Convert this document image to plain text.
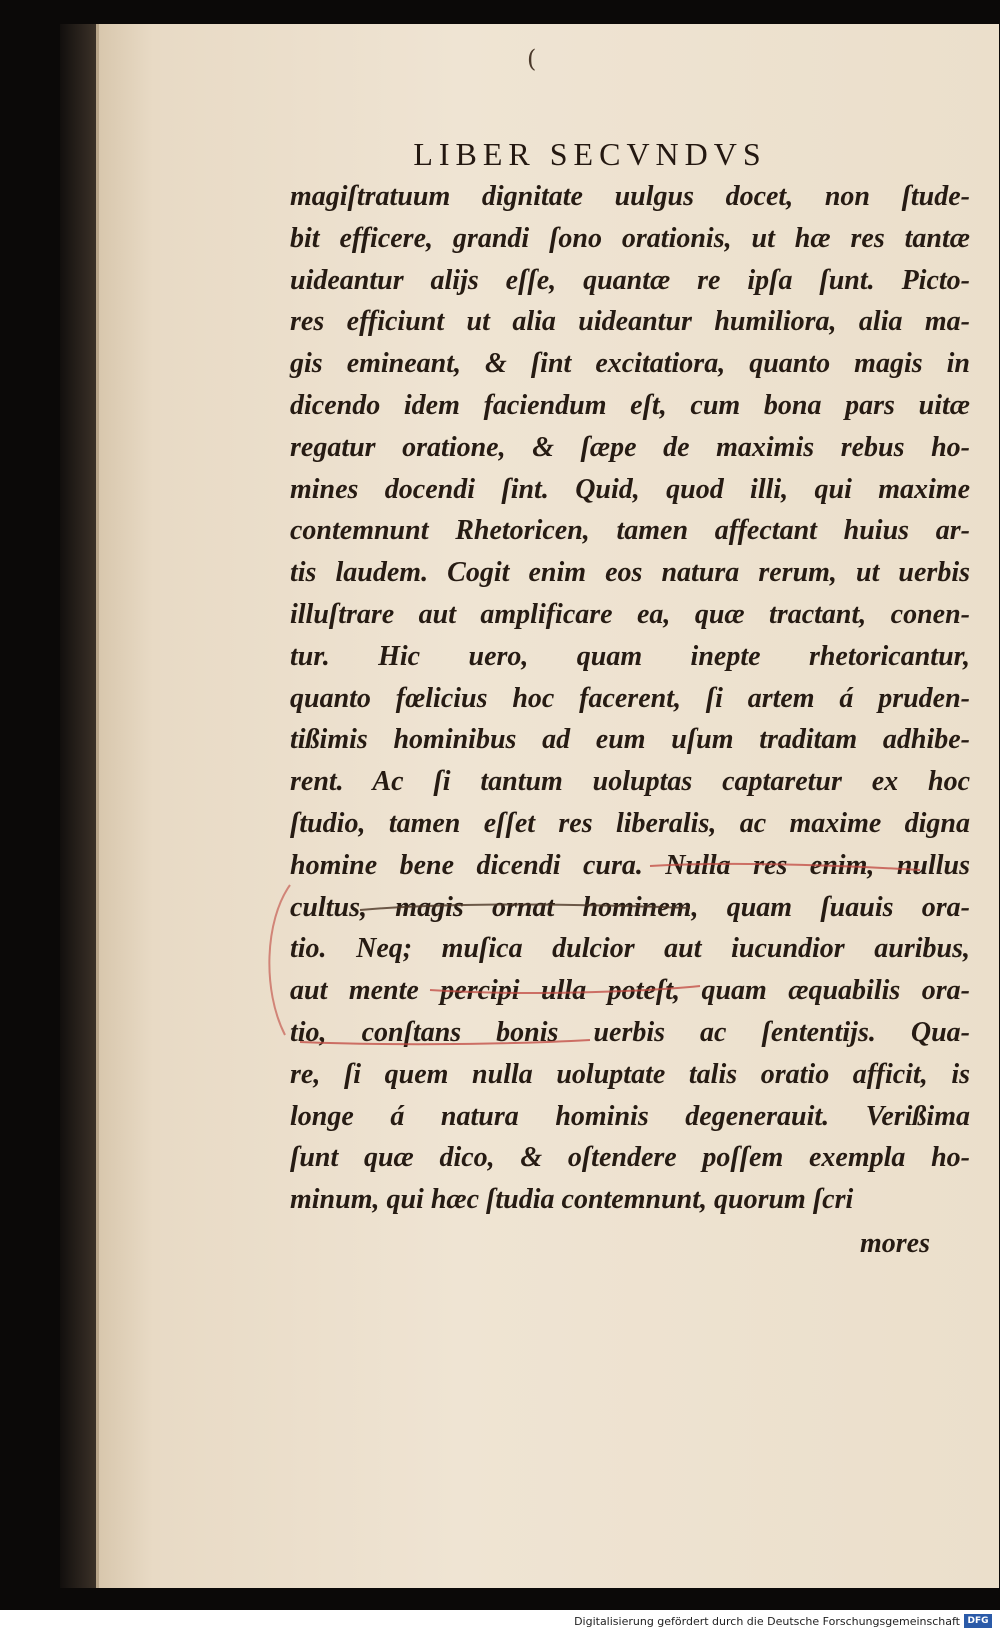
(
LIBER SECVNDVS
magiſtratuum dignitate uulgus docet, non ſtude-
bit efficere, grandi ſono orationis, ut hæ res tantæ
uideantur alijs eſſe, quantæ re ipſa ſunt. Picto-
res efficiunt ut alia uideantur humiliora, alia ma-
gis emineant, & ſint excitatiora, quanto magis in
dicendo idem faciendum eſt, cum bona pars uitæ
regatur oratione, & ſæpe de maximis rebus ho-
mines docendi ſint. Quid, quod illi, qui maxime
contemnunt Rhetoricen, tamen affectant huius ar-
tis laudem. Cogit enim eos natura rerum, ut uerbis
illuſtrare aut amplificare ea, quæ tractant, conen-
tur. Hic uero, quam inepte rhetoricantur,
quanto fœlicius hoc facerent, ſi artem á pruden-
tißimis hominibus ad eum uſum traditam adhibe-
rent. Ac ſi tantum uoluptas captaretur ex hoc
ſtudio, tamen eſſet res liberalis, ac maxime digna
homine bene dicendi cura. Nulla res enim, nullus
cultus, magis ornat hominem, quam ſuauis ora-
tio. Neq; muſica dulcior aut iucundior auribus,
aut mente percipi ulla poteſt, quam æquabilis ora-
tio, conſtans bonis uerbis ac ſententijs. Qua-
re, ſi quem nulla uoluptate talis oratio afficit, is
longe á natura hominis degenerauit. Verißima
ſunt quæ dico, & oſtendere poſſem exempla ho-
minum, qui hæc ſtudia contemnunt, quorum ſcri
mores
Digitalisierung gefördert durch die Deutsche Forschungsgemeinschaft DFG
